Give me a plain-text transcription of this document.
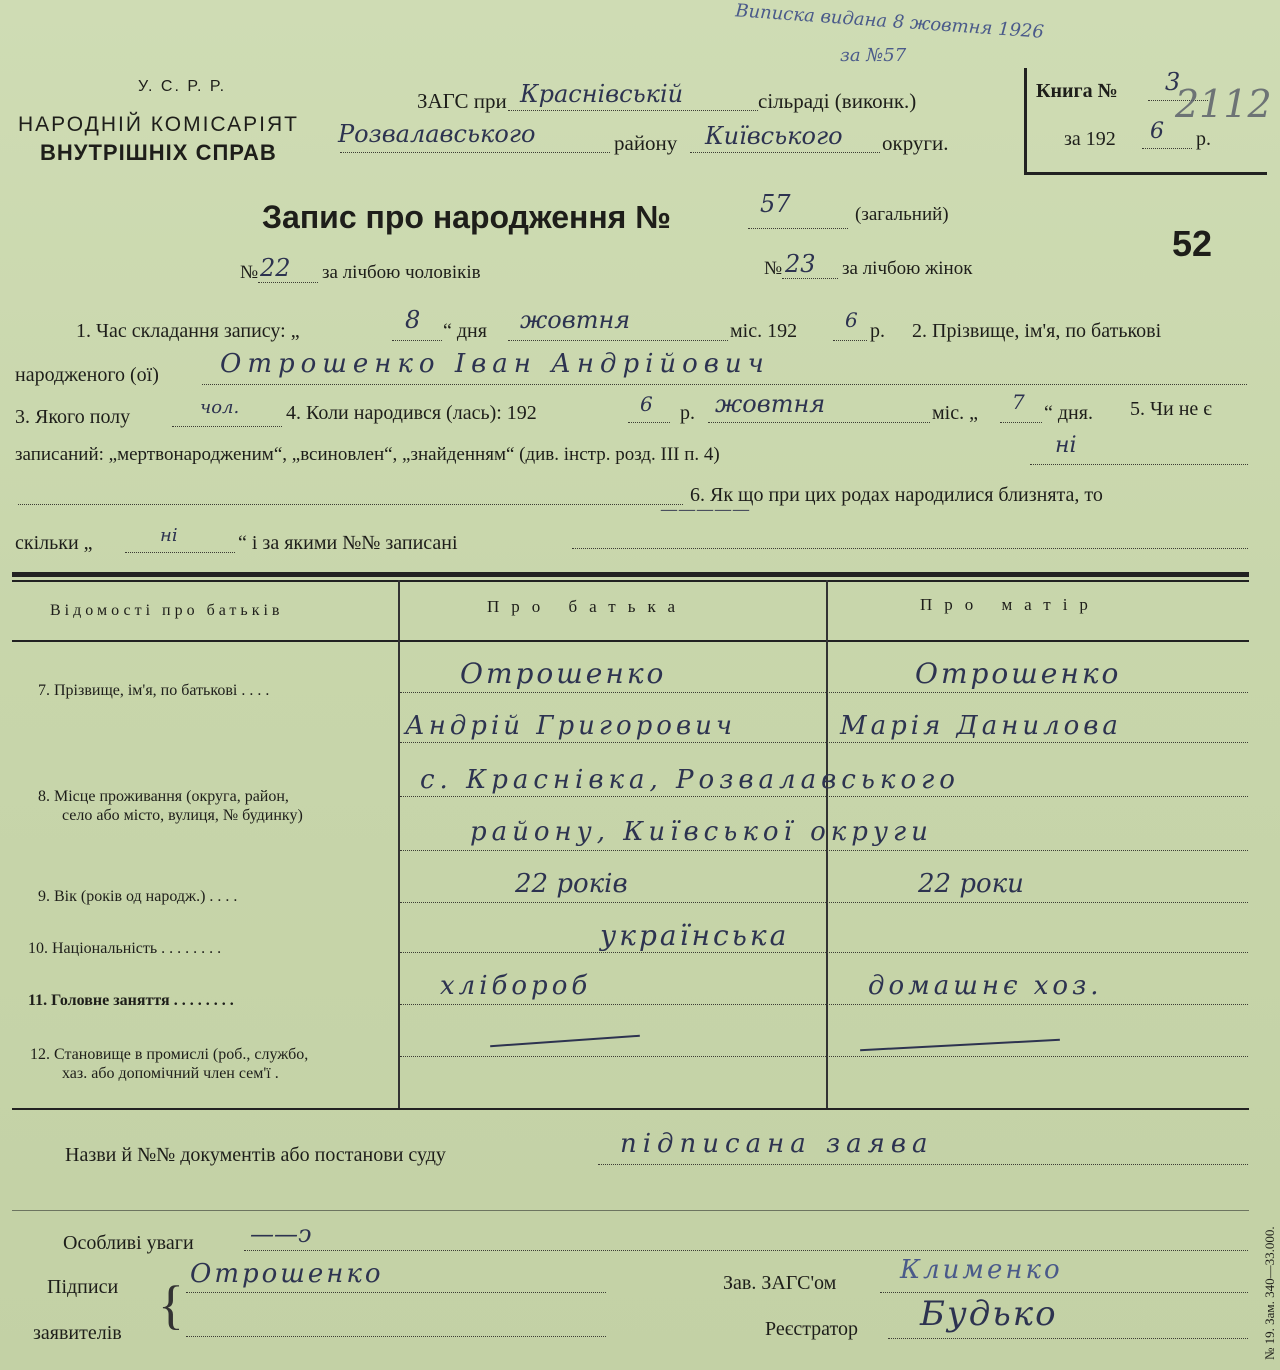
Виписка видана 8 жовтня 1926
за №57
У. С. Р. Р.
НАРОДНІЙ КОМІСАРІЯТ
ВНУТРІШНІХ СПРАВ
ЗАГС при Краснівській	сільраді (виконк.)
Розвалавського	району Київського округи.
Книга № 3
за 192 6 р.
2112
Запис про народження №	57	(загальний)
52
№ 22 за лічбою чоловіків	№ 23 за лічбою жінок
1. Час складання запису: „	8 “ дня жовтня	міс. 192 6 р. 2. Прізвище, ім'я, по батькові
народженого (ої) Отрошенко Іван Андрійович
3. Якого полу	чол. 4. Коли народився (лась): 192	6 р. жовтня	міс. „ 7 “ дня. 5. Чи не є
записаний: „мертвонародженим“, „всиновлен“, „знайденням“ (див. інстр. розд. III п. 4)	ні
6. Як що при цих родах народилися близнята, то
—————
скільки „	ні	“ і за якими №№ записані
Відомості про батьків	Про батька	Про матір
7. Прізвище, ім'я, по батькові . . . .
Отрошенко	Отрошенко
Андрій Григорович	Марія Данилова
8. Місце проживання (округа, район,
село або місто, вулиця, № будинку)
с. Краснівка, Розвалавського
району, Київської округи
9. Вік (років од народж.) . . . .	22 років	22 роки
10. Національність . . . . . . . .	українська
11. Головне заняття . . . . . . . .	хлібороб	домашнє хоз.
12. Становище в промислі (роб., службо,
хаз. або допомічний член сем'ї .
Назви й №№ документів або постанови суду	підписана заява
Особливі уваги ——ↄ
Підписи
заявителів {
Отрошенко	Зав. ЗАГС'ом Клименко
Реєстратор Будько	№ 19. Зам. 340—33.000.
